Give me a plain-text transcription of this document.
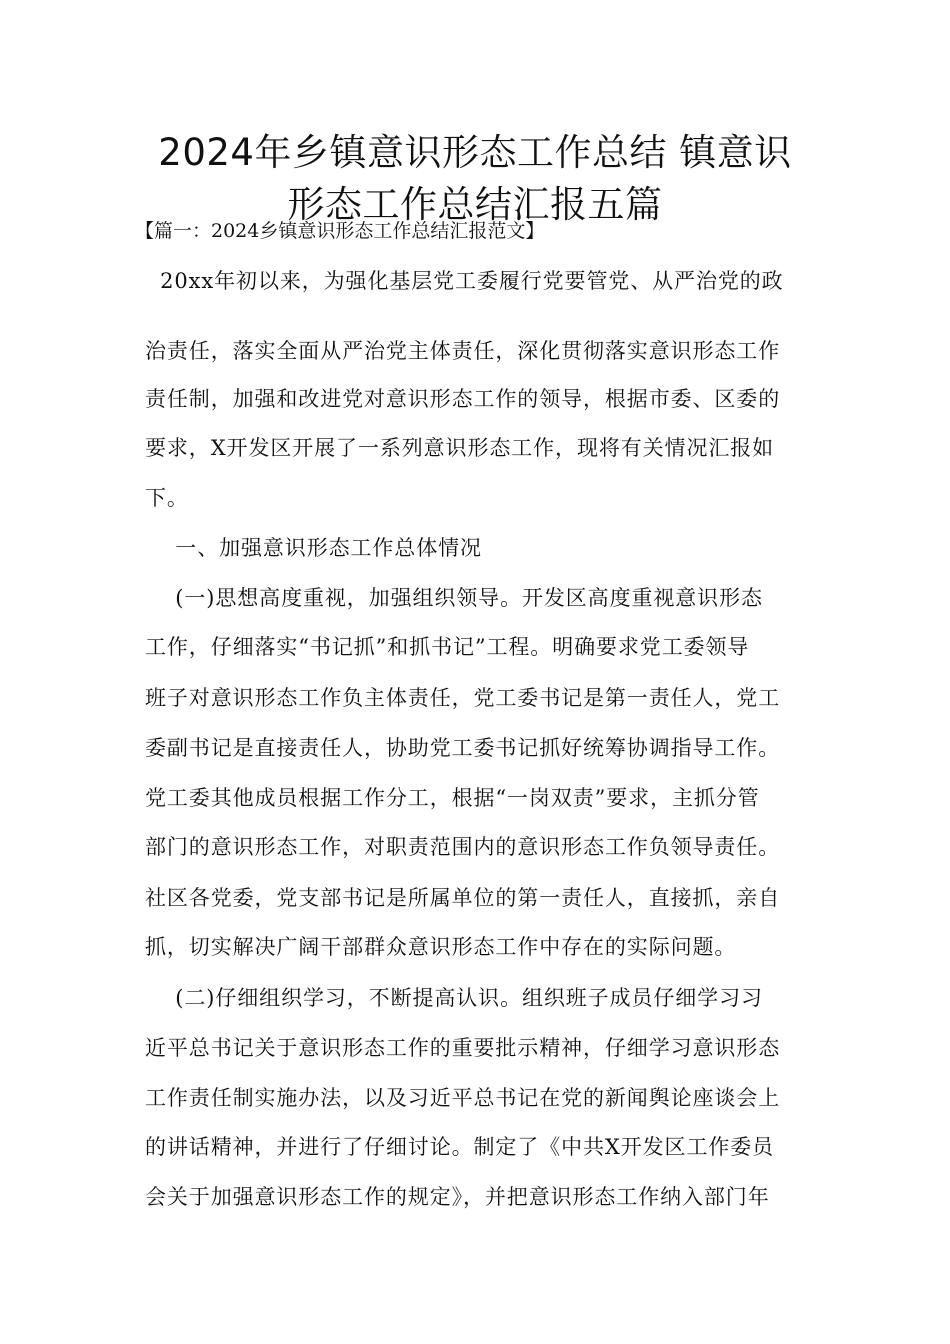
2024年乡镇意识形态工作总结 镇意识
形态工作总结汇报五篇
【篇一：2024乡镇意识形态工作总结汇报范文】
20xx年初以来，为强化基层党工委履行党要管党、从严治党的政
治责任，落实全面从严治党主体责任，深化贯彻落实意识形态工作
责任制，加强和改进党对意识形态工作的领导，根据市委、区委的
要求，X开发区开展了一系列意识形态工作，现将有关情况汇报如
下。
一、加强意识形态工作总体情况
(一)思想高度重视，加强组织领导。开发区高度重视意识形态
工作，仔细落实“书记抓”和抓书记”工程。明确要求党工委领导
班子对意识形态工作负主体责任，党工委书记是第一责任人，党工
委副书记是直接责任人，协助党工委书记抓好统筹协调指导工作。
党工委其他成员根据工作分工，根据“一岗双责”要求，主抓分管
部门的意识形态工作，对职责范围内的意识形态工作负领导责任。
社区各党委，党支部书记是所属单位的第一责任人，直接抓，亲自
抓，切实解决广阔干部群众意识形态工作中存在的实际问题。
(二)仔细组织学习，不断提高认识。组织班子成员仔细学习习
近平总书记关于意识形态工作的重要批示精神，仔细学习意识形态
工作责任制实施办法，以及习近平总书记在党的新闻舆论座谈会上
的讲话精神，并进行了仔细讨论。制定了《中共X开发区工作委员
会关于加强意识形态工作的规定》，并把意识形态工作纳入部门年
